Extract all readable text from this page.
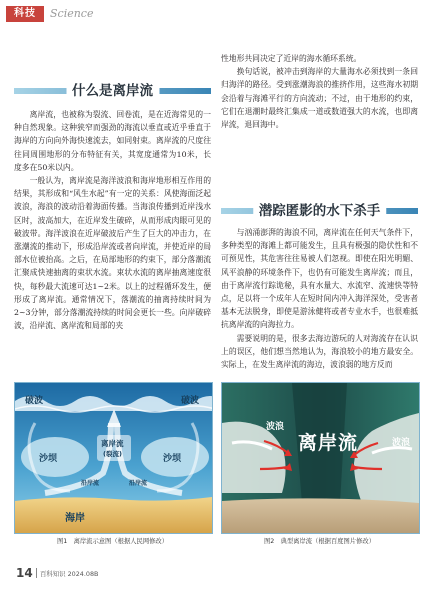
科技	Science
什么是离岸流

离岸流，也被称为裂流、回卷流，是在近海常见的一种自然现象。这种狭窄而强劲的海流以垂直或近乎垂直于海岸的方向向外海快速流去，如同射束。离岸流的尺度往往同周围地形的分布特征有关，其宽度通常为10米，长度多在50米以内。

一般认为，离岸流是海洋波浪和海岸地形相互作用的结果，其形成和“风生水起”有一定的关系：风使海面泛起波浪，海浪的波动沿着海面传播。当海浪传播到近岸浅水区时，波高加大，在近岸发生破碎，从而形成肉眼可见的破波带。海洋波浪在近岸破波后产生了巨大的冲击力，在涨潮流的推动下，形成沿岸流或者向岸流，并使近岸的局部水位被抬高。之后，在局部地形的约束下，部分落潮流汇聚成快速抽离的束状水流。束状水流的离岸抽离速度很快，每秒最大流速可达1~2米。以上的过程循环发生，便形成了离岸流。通常情况下，落潮流的抽离持续时间为2~3分钟，部分落潮流持续的时间会更长一些。向岸破碎波，沿岸流、离岸流和局部的夹

性地形共同决定了近岸的海水循环系统。

换句话说，被冲击到海岸的大量海水必须找到一条回归海洋的路径。受到涨潮海浪的推挤作用，这些海水初期会沿着与海滩平行的方向流动；不过，由于地形的约束，它们在退潮时最终汇集成一道或数道强大的水流，也即离岸流，退回海中。

潜踪匿影的水下杀手

与汹涌澎湃的海浪不同，离岸流在任何天气条件下，多种类型的海滩上都可能发生，且具有极强的隐伏性和不可预见性，其危害往往易被人们忽视。即使在阳光明媚、风平浪静的环境条件下，也仍有可能发生离岸流；而且，由于离岸流行踪诡秘，具有水量大、水流窄、流速快等特点，足以将一个成年人在短时间内冲入海洋深处，受害者基本无法脱身，即使是游泳健将或者专业水手，也很难抵抗离岸流的向海拉力。

需要说明的是，很多去海边游玩的人对海流存在认识上的误区，他们想当然地认为，海浪较小的地方最安全。实际上，在发生离岸流的海边，波浪弱的地方反而

破波	破波
离岸流
(裂流)
沙坝	沙坝
沿岸流	沿岸流
海岸
波浪
波浪
离岸流
图1　离岸流示意图（根据人民网修改）	图2　典型离岸流（根据百度图片修改）
14 百科知识 2024.08B
